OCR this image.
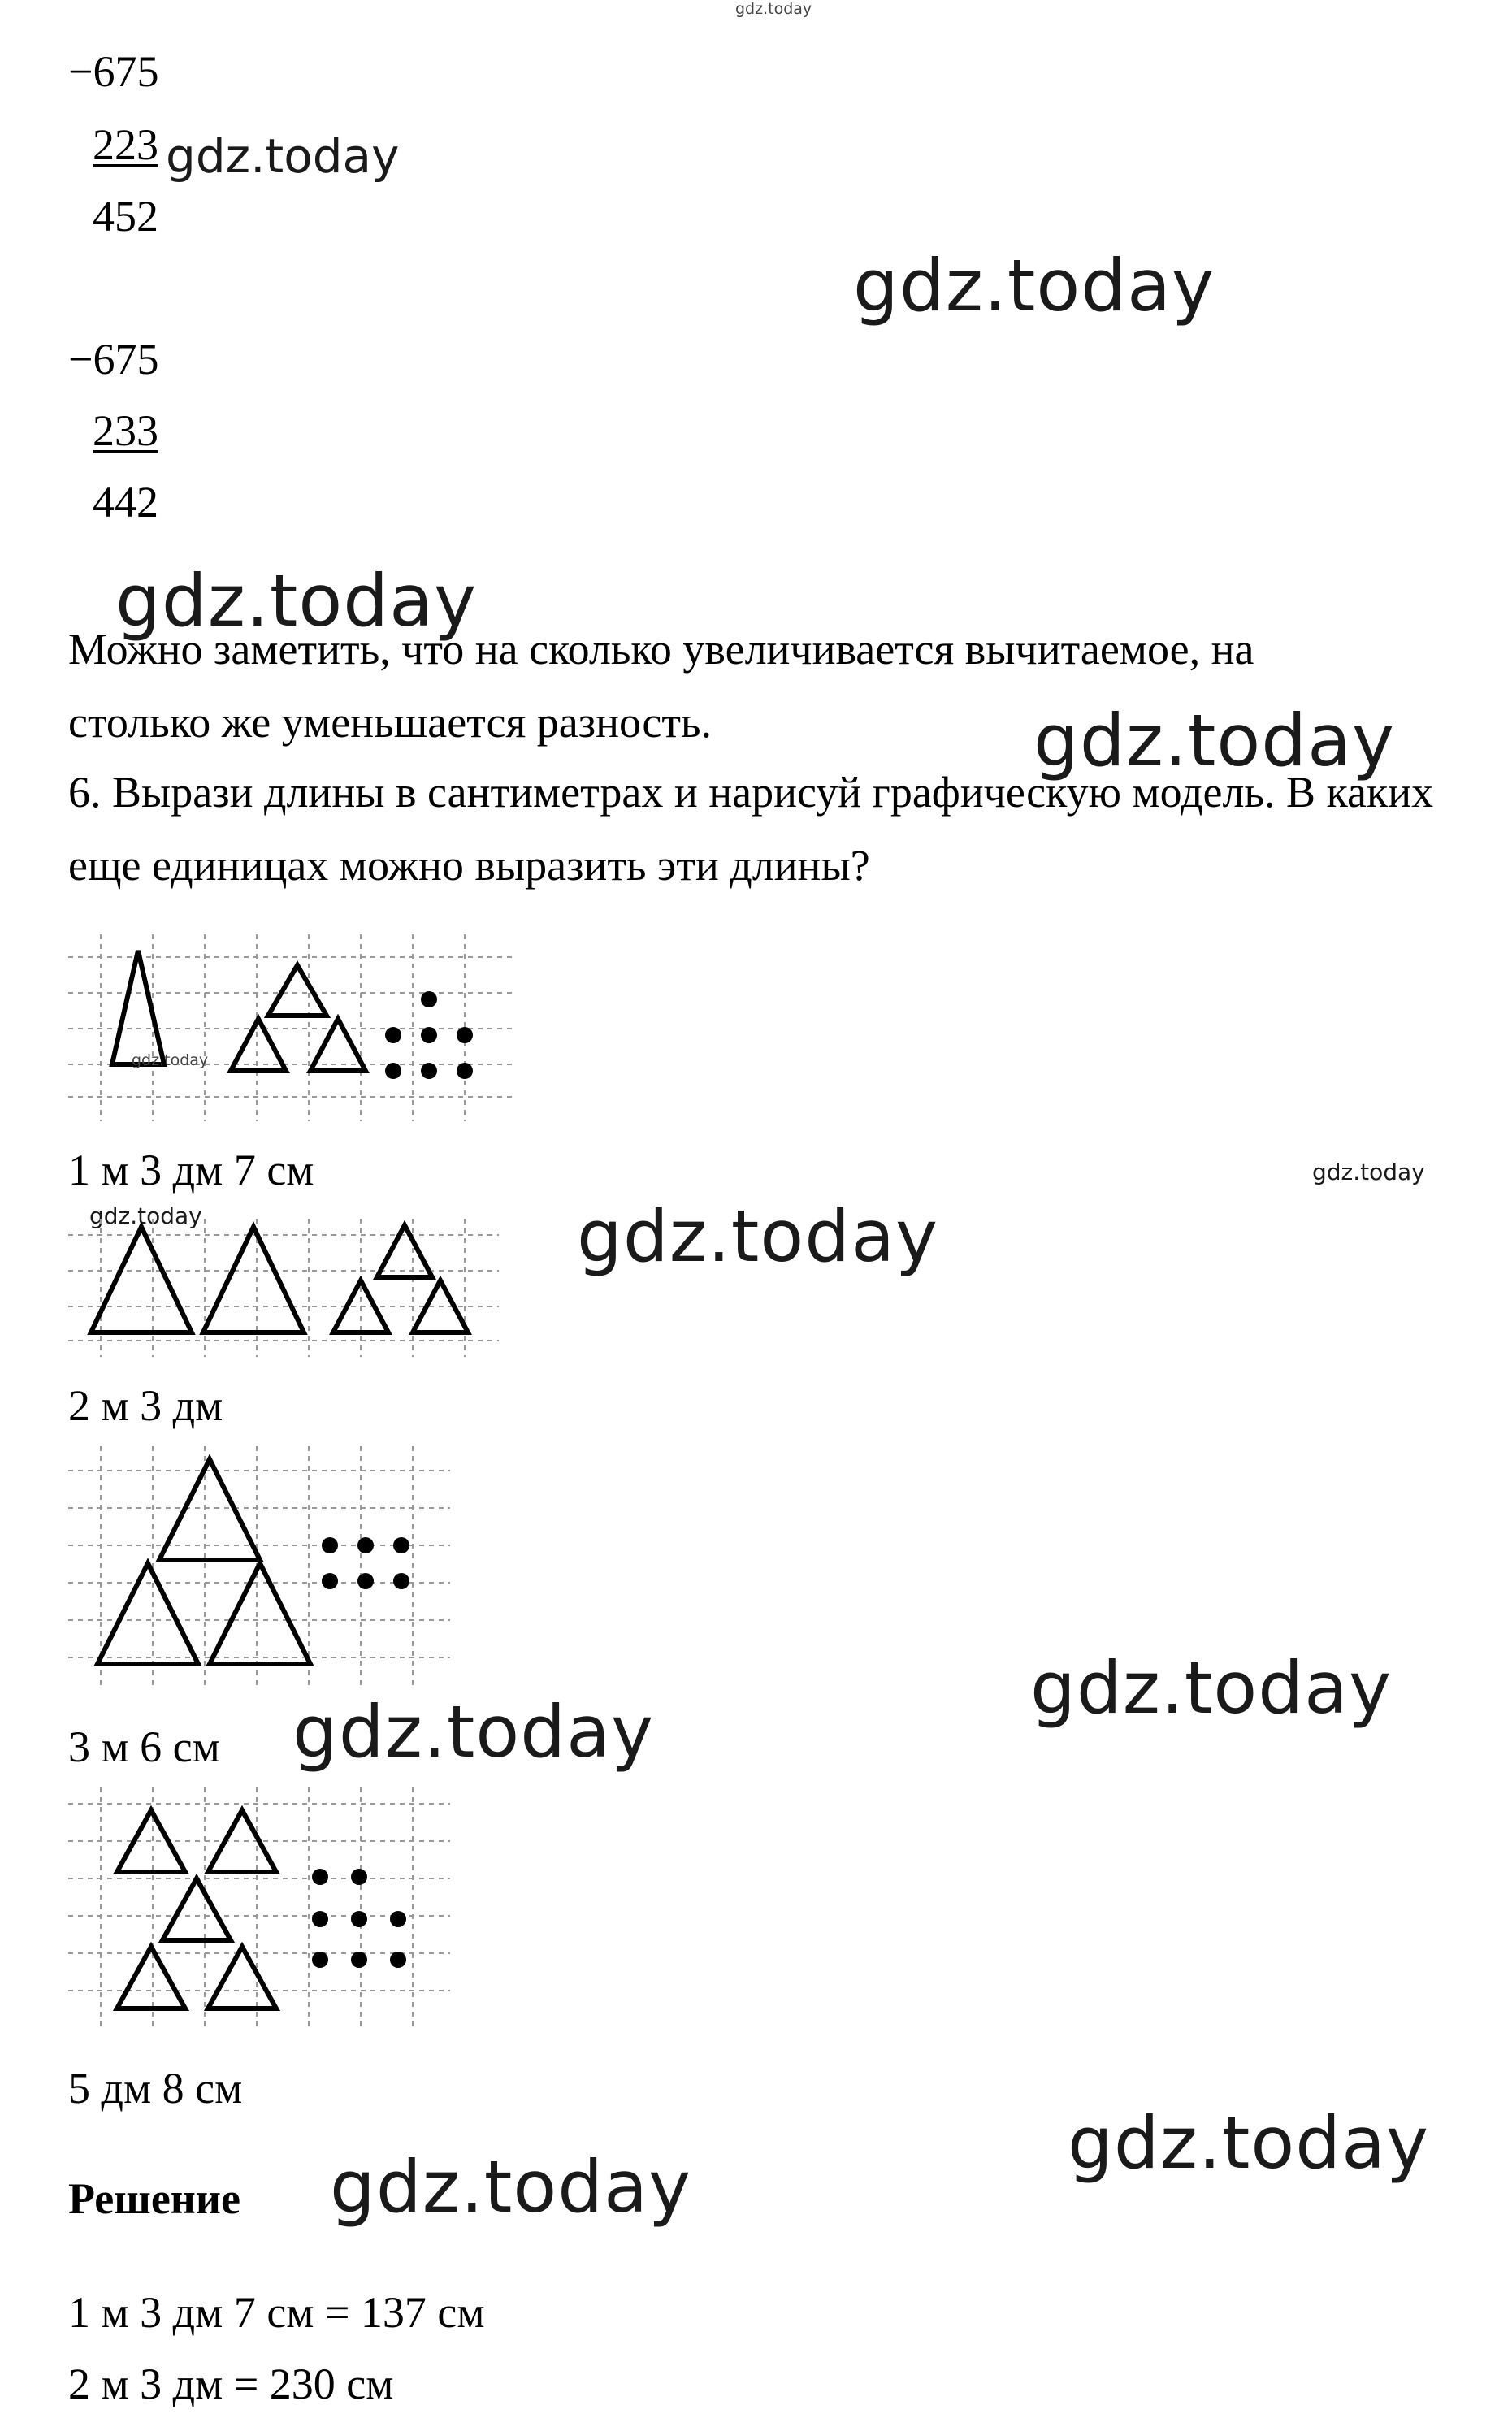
gdz.today
−675
223
452
gdz.today
gdz.today
−675
233
442
gdz.today
Можно заметить, что на сколько увеличивается вычитаемое, на столько же уменьшается разность.	gdz.today
6. Вырази длины в сантиметрах и нарисуй графическую модель. В каких еще единицах можно выразить эти длины?
gdz.today
1 м 3 дм 7 см	gdz.today
gdz.today	gdz.today
2 м 3 дм
gdz.today
3 м 6 см gdz.today
5 дм 8 см
gdz.today
Решение gdz.today
1 м 3 дм 7 см = 137 см
2 м 3 дм = 230 см
